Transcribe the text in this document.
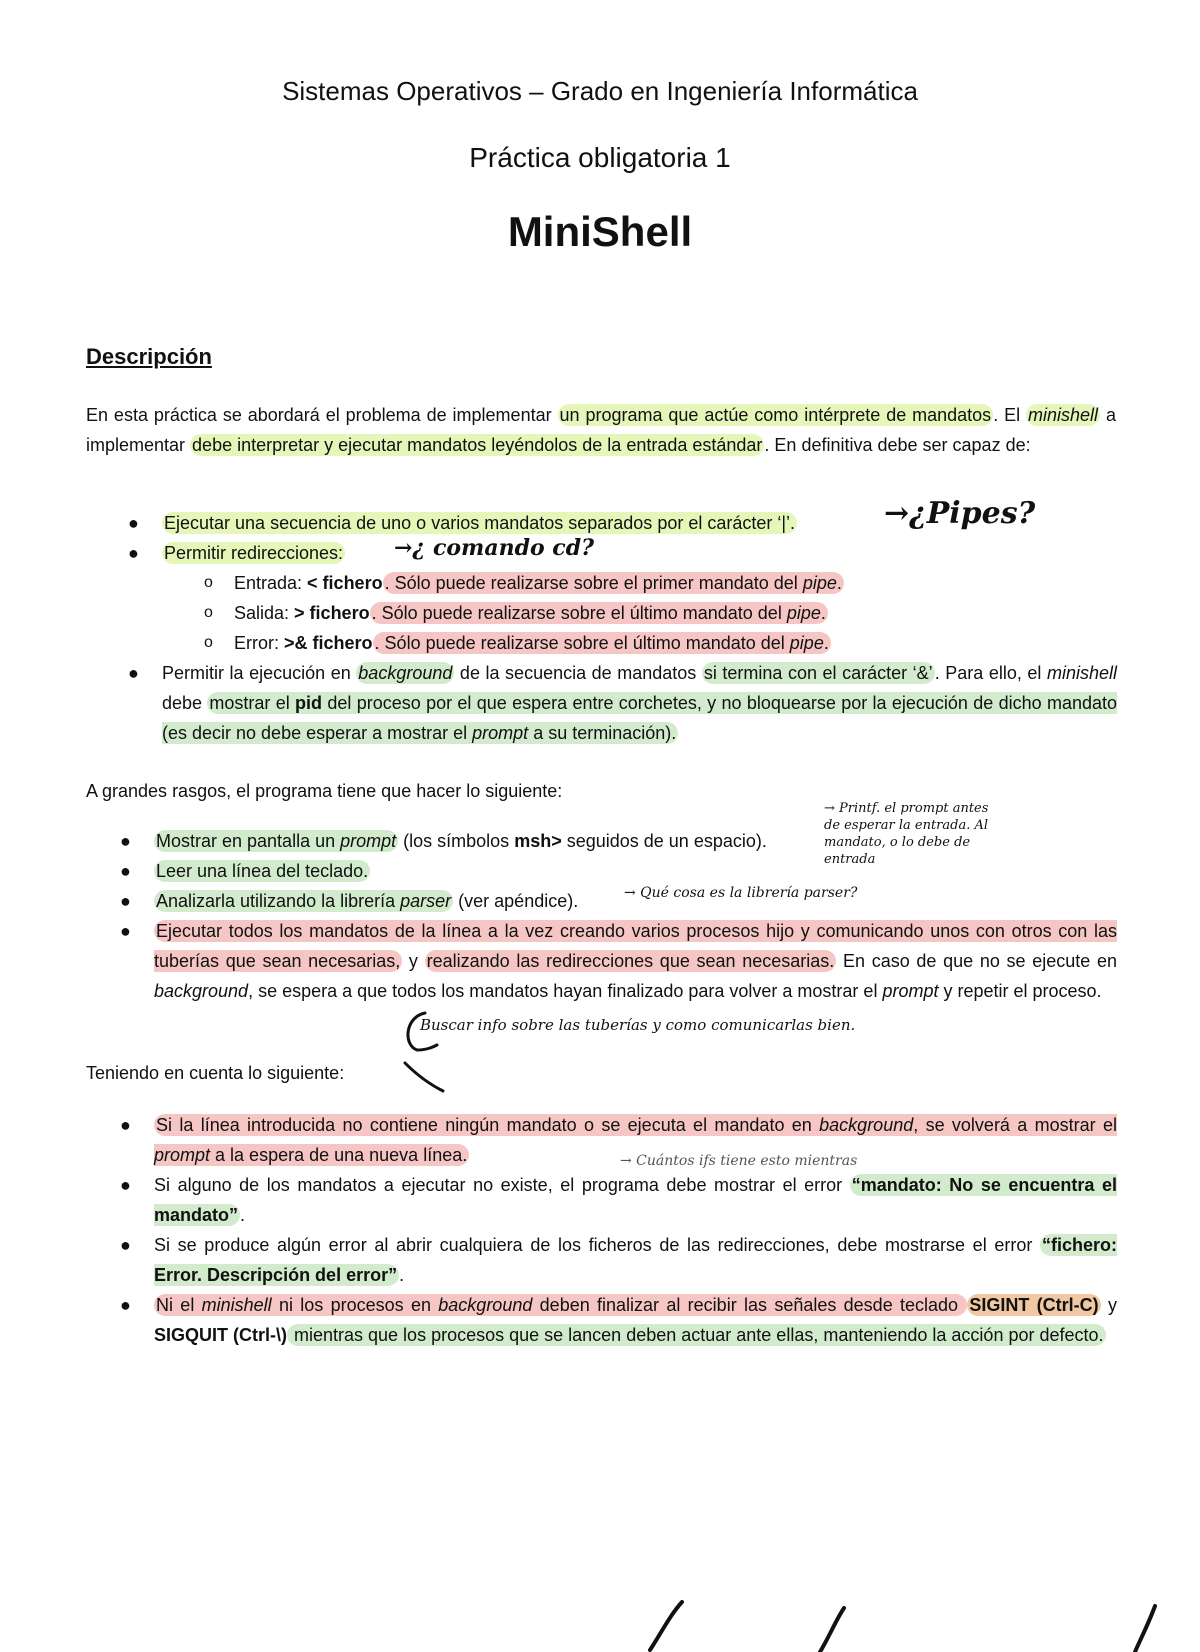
Sistemas Operativos – Grado en Ingeniería Informática
Práctica obligatoria 1
MiniShell
Descripción
En esta práctica se abordará el problema de implementar un programa que actúe como intérprete de mandatos . El minishell a implementar debe interpretar y ejecutar mandatos leyéndolos de la entrada estándar . En definitiva debe ser capaz de:
● Ejecutar una secuencia de uno o varios mandatos separados por el carácter ‘|’.
● Permitir redirecciones:
o Entrada: < fichero . Sólo puede realizarse sobre el primer mandato del pipe.
o Salida: > fichero . Sólo puede realizarse sobre el último mandato del pipe.
o Error: >& fichero . Sólo puede realizarse sobre el último mandato del pipe.
● Permitir la ejecución en background de la secuencia de mandatos si termina con el carácter ‘&’ . Para ello, el minishell debe mostrar el pid del proceso por el que espera entre corchetes, y no bloquearse por la ejecución de dicho mandato (es decir no debe esperar a mostrar el prompt a su terminación).
A grandes rasgos, el programa tiene que hacer lo siguiente:
● Mostrar en pantalla un prompt (los símbolos msh> seguidos de un espacio).
● Leer una línea del teclado.
● Analizarla utilizando la librería parser (ver apéndice).
● Ejecutar todos los mandatos de la línea a la vez creando varios procesos hijo y comunicando unos con otros con las tuberías que sean necesarias, y realizando las redirecciones que sean necesarias. En caso de que no se ejecute en background, se espera a que todos los mandatos hayan finalizado para volver a mostrar el prompt y repetir el proceso.
Teniendo en cuenta lo siguiente:
● Si la línea introducida no contiene ningún mandato o se ejecuta el mandato en background, se volverá a mostrar el prompt a la espera de una nueva línea.
● Si alguno de los mandatos a ejecutar no existe, el programa debe mostrar el error “mandato: No se encuentra el mandato” .
● Si se produce algún error al abrir cualquiera de los ficheros de las redirecciones, debe mostrarse el error “fichero: Error. Descripción del error” .
● Ni el minishell ni los procesos en background deben finalizar al recibir las señales desde teclado SIGINT (Ctrl-C) y SIGQUIT (Ctrl-\) mientras que los procesos que se lancen deben actuar ante ellas, manteniendo la acción por defecto.
→¿Pipes?
→¿ comando cd?
→ Printf. el prompt antes de esperar la entrada. Al mandato, o lo debe de entrada
→ Qué cosa es la librería parser?
Buscar info sobre las tuberías y como comunicarlas bien.
→ Cuántos ifs tiene esto mientras
